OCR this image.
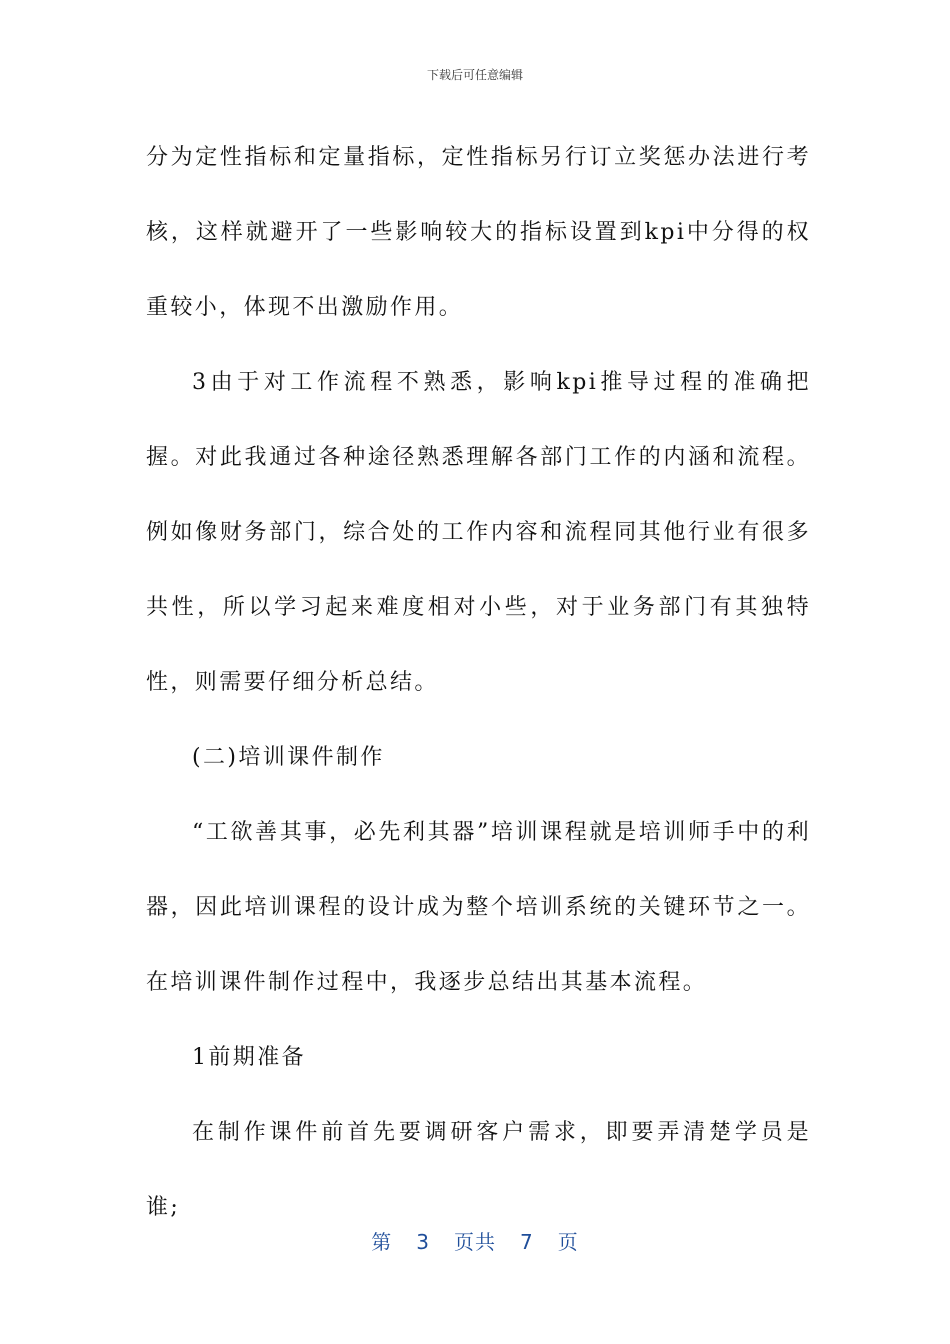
下载后可任意编辑

分为定性指标和定量指标，定性指标另行订立奖惩办法进行考核，这样就避开了一些影响较大的指标设置到kpi中分得的权重较小，体现不出激励作用。

3由于对工作流程不熟悉，影响kpi推导过程的准确把握。对此我通过各种途径熟悉理解各部门工作的内涵和流程。例如像财务部门，综合处的工作内容和流程同其他行业有很多共性，所以学习起来难度相对小些，对于业务部门有其独特性，则需要仔细分析总结。

(二)培训课件制作

“工欲善其事，必先利其器”培训课程就是培训师手中的利器，因此培训课程的设计成为整个培训系统的关键环节之一。在培训课件制作过程中，我逐步总结出其基本流程。

1前期准备

在制作课件前首先要调研客户需求，即要弄清楚学员是谁;

第 3 页共 7 页
